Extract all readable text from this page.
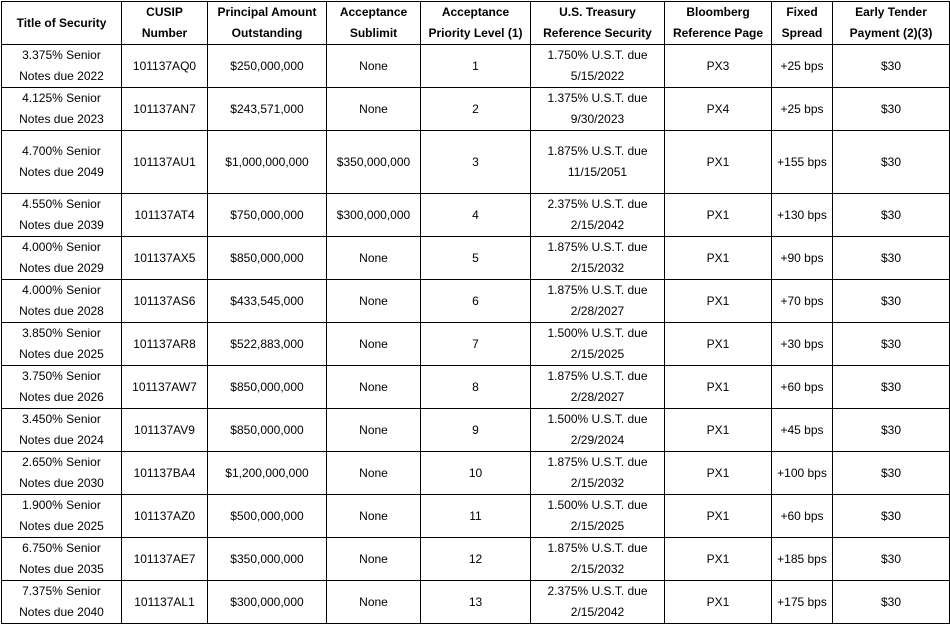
Title of Security	CUSIP Number	Principal Amount Outstanding	Acceptance Sublimit	Acceptance Priority Level (1)	U.S. Treasury Reference Security	Bloomberg Reference Page	Fixed Spread	Early Tender Payment (2)(3)
3.375% Senior Notes due 2022	101137AQ0	$250,000,000	None	1	1.750% U.S.T. due 5/15/2022	PX3	+25 bps	$30
4.125% Senior Notes due 2023	101137AN7	$243,571,000	None	2	1.375% U.S.T. due 9/30/2023	PX4	+25 bps	$30
4.700% Senior Notes due 2049	101137AU1	$1,000,000,000	$350,000,000	3	1.875% U.S.T. due 11/15/2051	PX1	+155 bps	$30
4.550% Senior Notes due 2039	101137AT4	$750,000,000	$300,000,000	4	2.375% U.S.T. due 2/15/2042	PX1	+130 bps	$30
4.000% Senior Notes due 2029	101137AX5	$850,000,000	None	5	1.875% U.S.T. due 2/15/2032	PX1	+90 bps	$30
4.000% Senior Notes due 2028	101137AS6	$433,545,000	None	6	1.875% U.S.T. due 2/28/2027	PX1	+70 bps	$30
3.850% Senior Notes due 2025	101137AR8	$522,883,000	None	7	1.500% U.S.T. due 2/15/2025	PX1	+30 bps	$30
3.750% Senior Notes due 2026	101137AW7	$850,000,000	None	8	1.875% U.S.T. due 2/28/2027	PX1	+60 bps	$30
3.450% Senior Notes due 2024	101137AV9	$850,000,000	None	9	1.500% U.S.T. due 2/29/2024	PX1	+45 bps	$30
2.650% Senior Notes due 2030	101137BA4	$1,200,000,000	None	10	1.875% U.S.T. due 2/15/2032	PX1	+100 bps	$30
1.900% Senior Notes due 2025	101137AZ0	$500,000,000	None	11	1.500% U.S.T. due 2/15/2025	PX1	+60 bps	$30
6.750% Senior Notes due 2035	101137AE7	$350,000,000	None	12	1.875% U.S.T. due 2/15/2032	PX1	+185 bps	$30
7.375% Senior Notes due 2040	101137AL1	$300,000,000	None	13	2.375% U.S.T. due 2/15/2042	PX1	+175 bps	$30
